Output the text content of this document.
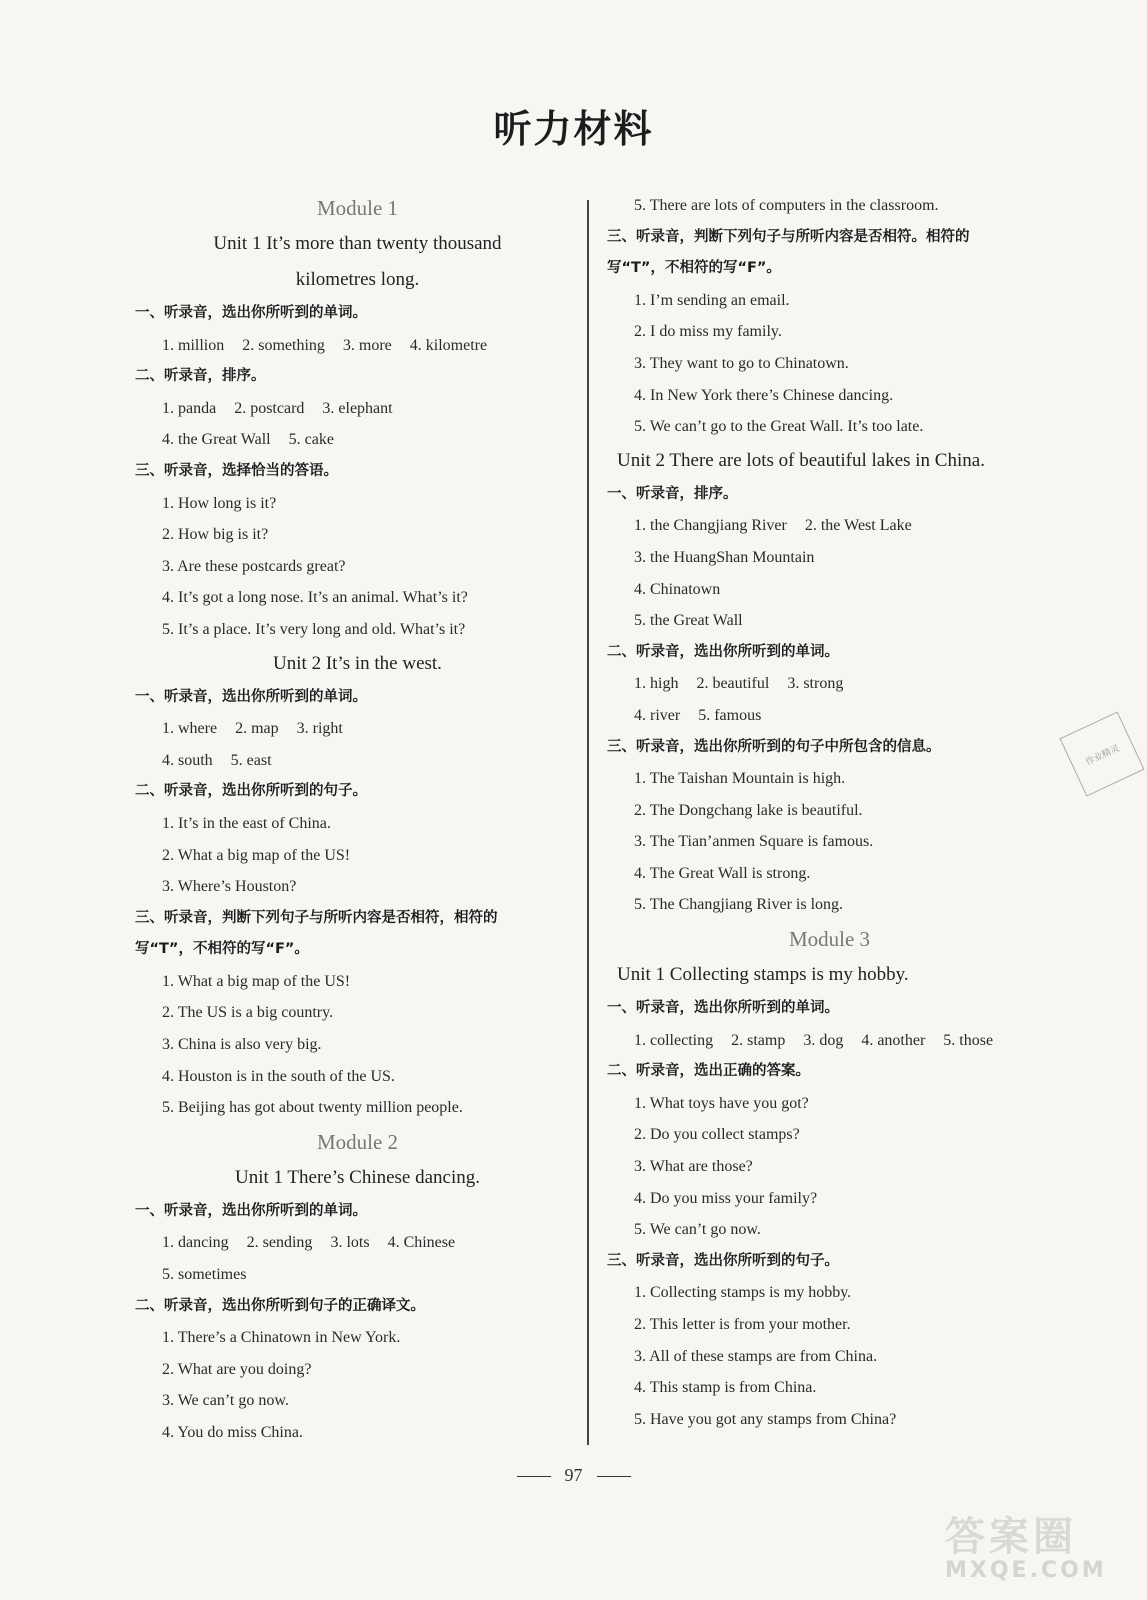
听力材料
Module 1
Unit 1 It’s more than twenty thousand
kilometres long.
一、听录音，选出你所听到的单词。
1. million 2. something 3. more 4. kilometre
二、听录音，排序。
1. panda 2. postcard 3. elephant
4. the Great Wall 5. cake
三、听录音，选择恰当的答语。
1. How long is it?
2. How big is it?
3. Are these postcards great?
4. It’s got a long nose. It’s an animal. What’s it?
5. It’s a place. It’s very long and old. What’s it?
Unit 2 It’s in the west.
一、听录音，选出你所听到的单词。
1. where 2. map 3. right
4. south 5. east
二、听录音，选出你所听到的句子。
1. It’s in the east of China.
2. What a big map of the US!
3. Where’s Houston?
三、听录音，判断下列句子与所听内容是否相符，相符的
写“T”，不相符的写“F”。
1. What a big map of the US!
2. The US is a big country.
3. China is also very big.
4. Houston is in the south of the US.
5. Beijing has got about twenty million people.
Module 2
Unit 1 There’s Chinese dancing.
一、听录音，选出你所听到的单词。
1. dancing 2. sending 3. lots 4. Chinese
5. sometimes
二、听录音，选出你所听到句子的正确译文。
1. There’s a Chinatown in New York.
2. What are you doing?
3. We can’t go now.
4. You do miss China.
5. There are lots of computers in the classroom.
三、听录音，判断下列句子与所听内容是否相符。相符的
写“T”，不相符的写“F”。
1. I’m sending an email.
2. I do miss my family.
3. They want to go to Chinatown.
4. In New York there’s Chinese dancing.
5. We can’t go to the Great Wall. It’s too late.
Unit 2 There are lots of beautiful lakes in China.
一、听录音，排序。
1. the Changjiang River 2. the West Lake
3. the HuangShan Mountain
4. Chinatown
5. the Great Wall
二、听录音，选出你所听到的单词。
1. high 2. beautiful 3. strong
4. river 5. famous
三、听录音，选出你所听到的句子中所包含的信息。
1. The Taishan Mountain is high.
2. The Dongchang lake is beautiful.
3. The Tian’anmen Square is famous.
4. The Great Wall is strong.
5. The Changjiang River is long.
Module 3
Unit 1 Collecting stamps is my hobby.
一、听录音，选出你所听到的单词。
1. collecting 2. stamp 3. dog 4. another 5. those
二、听录音，选出正确的答案。
1. What toys have you got?
2. Do you collect stamps?
3. What are those?
4. Do you miss your family?
5. We can’t go now.
三、听录音，选出你所听到的句子。
1. Collecting stamps is my hobby.
2. This letter is from your mother.
3. All of these stamps are from China.
4. This stamp is from China.
5. Have you got any stamps from China?
作业精灵
97
答案圈
MXQE.COM
